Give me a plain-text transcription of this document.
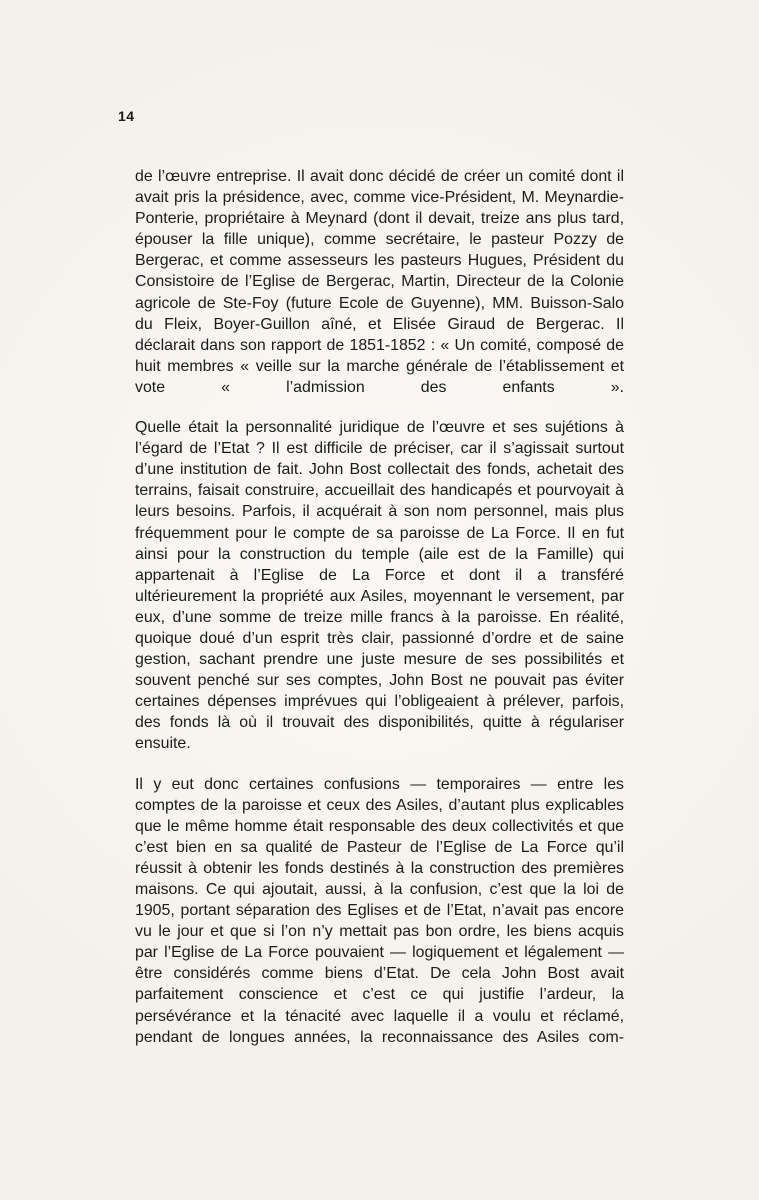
14

de l’œuvre entreprise. Il avait donc décidé de créer un comité dont il avait pris la présidence, avec, comme vice-Président, M. Meynardie-Ponterie, propriétaire à Meynard (dont il devait, treize ans plus tard, épouser la fille unique), comme secrétaire, le pasteur Pozzy de Bergerac, et comme assesseurs les pasteurs Hugues, Président du Consistoire de l’Eglise de Bergerac, Martin, Directeur de la Colonie agricole de Ste-Foy (future Ecole de Guyenne), MM. Buisson-Salo du Fleix, Boyer-Guillon aîné, et Elisée Giraud de Bergerac. Il déclarait dans son rapport de 1851-1852 : « Un comité, composé de huit membres « veille sur la marche générale de l’établissement et vote « l’admission des enfants ».

Quelle était la personnalité juridique de l’œuvre et ses sujétions à l’égard de l’Etat ? Il est difficile de préciser, car il s’agissait surtout d’une institution de fait. John Bost collectait des fonds, achetait des terrains, faisait construire, accueillait des handicapés et pourvoyait à leurs besoins. Parfois, il acquérait à son nom personnel, mais plus fréquemment pour le compte de sa paroisse de La Force. Il en fut ainsi pour la construction du temple (aile est de la Famille) qui appartenait à l’Eglise de La Force et dont il a transféré ultérieurement la propriété aux Asiles, moyennant le versement, par eux, d’une somme de treize mille francs à la paroisse. En réalité, quoique doué d’un esprit très clair, passionné d’ordre et de saine gestion, sachant prendre une juste mesure de ses possibilités et souvent penché sur ses comptes, John Bost ne pouvait pas éviter certaines dépenses imprévues qui l’obligeaient à prélever, parfois, des fonds là où il trouvait des disponibilités, quitte à régulariser ensuite.

Il y eut donc certaines confusions — temporaires — entre les comptes de la paroisse et ceux des Asiles, d’autant plus explicables que le même homme était responsable des deux collectivités et que c’est bien en sa qualité de Pasteur de l’Eglise de La Force qu’il réussit à obtenir les fonds destinés à la construction des premières maisons. Ce qui ajoutait, aussi, à la confusion, c’est que la loi de 1905, portant séparation des Eglises et de l’Etat, n’avait pas encore vu le jour et que si l’on n’y mettait pas bon ordre, les biens acquis par l’Eglise de La Force pouvaient — logiquement et légalement — être considérés comme biens d’Etat. De cela John Bost avait parfaitement conscience et c’est ce qui justifie l’ardeur, la persévérance et la ténacité avec laquelle il a voulu et réclamé, pendant de longues années, la reconnaissance des Asiles com-
